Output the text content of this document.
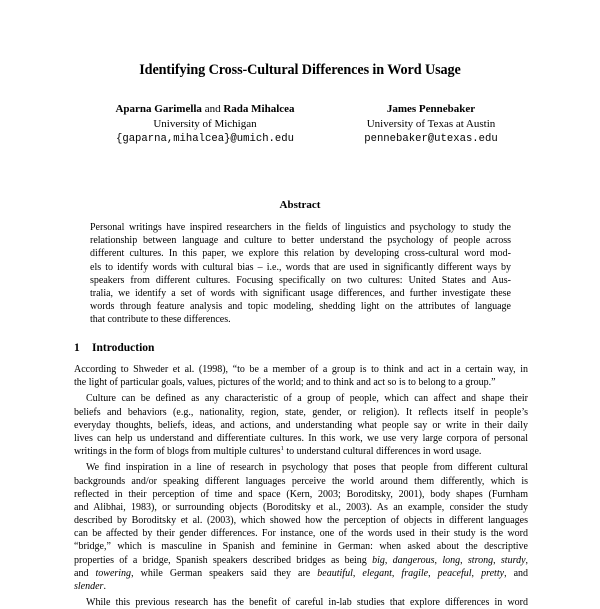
Identifying Cross-Cultural Differences in Word Usage
Aparna Garimella and Rada Mihalcea
University of Michigan
{gaparna,mihalcea}@umich.edu
James Pennebaker
University of Texas at Austin
pennebaker@utexas.edu
Abstract
Personal writings have inspired researchers in the fields of linguistics and psychology to study the
relationship between language and culture to better understand the psychology of people across
different cultures. In this paper, we explore this relation by developing cross-cultural word mod-
els to identify words with cultural bias – i.e., words that are used in significantly different ways by
speakers from different cultures. Focusing specifically on two cultures: United States and Aus-
tralia, we identify a set of words with significant usage differences, and further investigate these
words through feature analysis and topic modeling, shedding light on the attributes of language
that contribute to these differences.
1 Introduction
According to Shweder et al. (1998), “to be a member of a group is to think and act in a certain way, in
the light of particular goals, values, pictures of the world; and to think and act so is to belong to a group.”
Culture can be defined as any characteristic of a group of people, which can affect and shape their
beliefs and behaviors (e.g., nationality, region, state, gender, or religion). It reflects itself in people’s
everyday thoughts, beliefs, ideas, and actions, and understanding what people say or write in their daily
lives can help us understand and differentiate cultures. In this work, we use very large corpora of personal
writings in the form of blogs from multiple cultures$^1$ to understand cultural differences in word usage.
We find inspiration in a line of research in psychology that poses that people from different cultural
backgrounds and/or speaking different languages perceive the world around them differently, which is
reflected in their perception of time and space (Kern, 2003; Boroditsky, 2001), body shapes (Furnham
and Alibhai, 1983), or surrounding objects (Boroditsky et al., 2003). As an example, consider the study
described by Boroditsky et al. (2003), which showed how the perception of objects in different languages
can be affected by their gender differences. For instance, one of the words used in their study is the word
“bridge,” which is masculine in Spanish and feminine in German: when asked about the descriptive
properties of a bridge, Spanish speakers described bridges as being big, dangerous, long, strong, sturdy,
and towering, while German speakers said they are beautiful, elegant, fragile, peaceful, pretty, and
slender.
While this previous research has the benefit of careful in-lab studies that explore differences in word
